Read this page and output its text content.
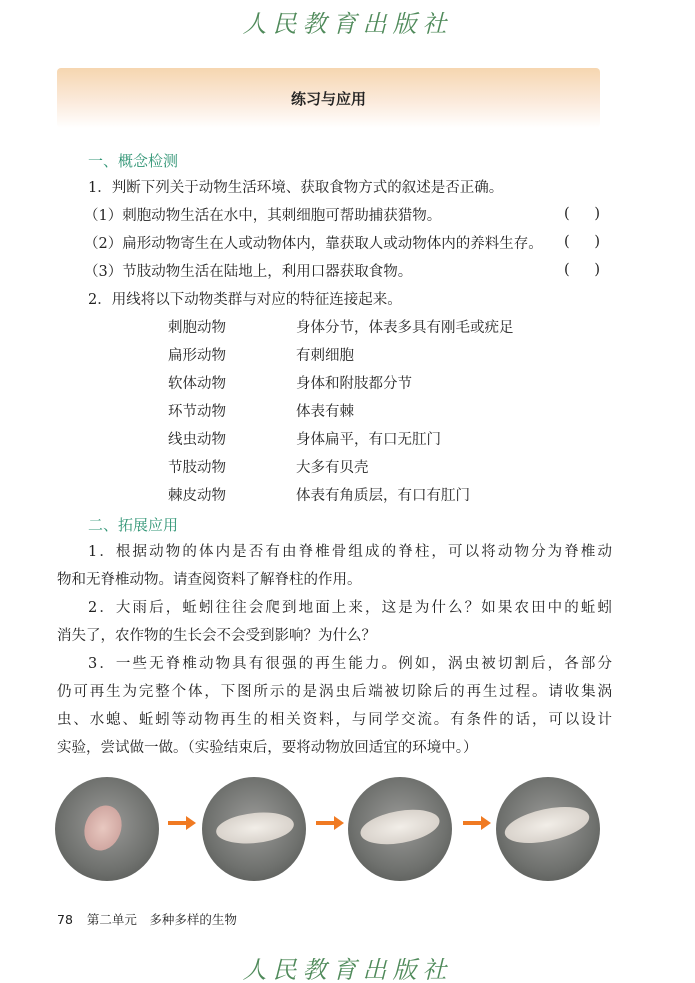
人民教育出版社
练习与应用
一、概念检测
1．判断下列关于动物生活环境、获取食物方式的叙述是否正确。
（1）刺胞动物生活在水中，其刺细胞可帮助捕获猎物。	( )
（2）扁形动物寄生在人或动物体内，靠获取人或动物体内的养料生存。 ( )
（3）节肢动物生活在陆地上，利用口器获取食物。	( )
2．用线将以下动物类群与对应的特征连接起来。
刺胞动物	身体分节，体表多具有刚毛或疣足
扁形动物	有刺细胞
软体动物	身体和附肢都分节
环节动物	体表有棘
线虫动物	身体扁平，有口无肛门
节肢动物	大多有贝壳
棘皮动物	体表有角质层，有口有肛门
二、拓展应用
1．根据动物的体内是否有由脊椎骨组成的脊柱，可以将动物分为脊椎动
物和无脊椎动物。请查阅资料了解脊柱的作用。
2．大雨后，蚯蚓往往会爬到地面上来，这是为什么？如果农田中的蚯蚓
消失了，农作物的生长会不会受到影响？为什么？
3．一些无脊椎动物具有很强的再生能力。例如，涡虫被切割后，各部分
仍可再生为完整个体，下图所示的是涡虫后端被切除后的再生过程。请收集涡
虫、水螅、蚯蚓等动物再生的相关资料，与同学交流。有条件的话，可以设计
实验，尝试做一做。（实验结束后，要将动物放回适宜的环境中。）
78 第二单元　多种多样的生物
人民教育出版社
